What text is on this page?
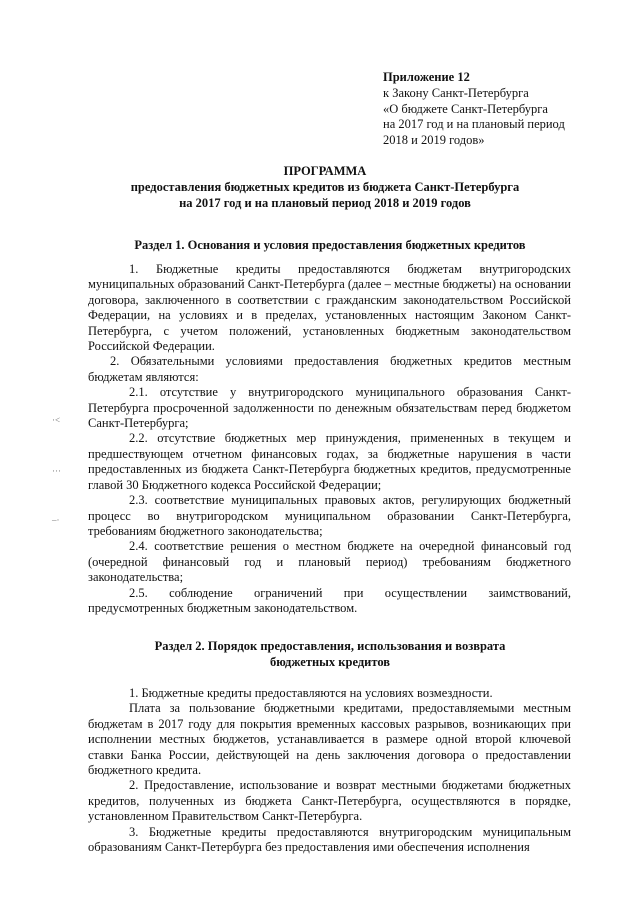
Приложение 12
к Закону Санкт-Петербурга
«О бюджете Санкт-Петербурга
на 2017 год и на плановый период
2018 и 2019 годов»
ПРОГРАММА
предоставления бюджетных кредитов из бюджета Санкт-Петербурга
на 2017 год и на плановый период 2018 и 2019 годов
Раздел 1. Основания и условия предоставления бюджетных кредитов

1. Бюджетные кредиты предоставляются бюджетам внутригородских муниципальных образований Санкт-Петербурга (далее – местные бюджеты) на основании договора, заключенного в соответствии с гражданским законодательством Российской Федерации, на условиях и в пределах, установленных настоящим Законом Санкт-Петербурга, с учетом положений, установленных бюджетным законодательством Российской Федерации.

2. Обязательными условиями предоставления бюджетных кредитов местным бюджетам являются:

2.1. отсутствие у внутригородского муниципального образования Санкт-Петербурга просроченной задолженности по денежным обязательствам перед бюджетом Санкт-Петербурга;

2.2. отсутствие бюджетных мер принуждения, примененных в текущем и предшествующем отчетном финансовых годах, за бюджетные нарушения в части предоставленных из бюджета Санкт-Петербурга бюджетных кредитов, предусмотренные главой 30 Бюджетного кодекса Российской Федерации;

2.3. соответствие муниципальных правовых актов, регулирующих бюджетный процесс во внутригородском муниципальном образовании Санкт-Петербурга, требованиям бюджетного законодательства;

2.4. соответствие решения о местном бюджете на очередной финансовый год (очередной финансовый год и плановый период) требованиям бюджетного законодательства;

2.5. соблюдение ограничений при осуществлении заимствований, предусмотренных бюджетным законодательством.

Раздел 2. Порядок предоставления, использования и возврата
бюджетных кредитов

1. Бюджетные кредиты предоставляются на условиях возмездности.

Плата за пользование бюджетными кредитами, предоставляемыми местным бюджетам в 2017 году для покрытия временных кассовых разрывов, возникающих при исполнении местных бюджетов, устанавливается в размере одной второй ключевой ставки Банка России, действующей на день заключения договора о предоставлении бюджетного кредита.

2. Предоставление, использование и возврат местными бюджетами бюджетных кредитов, полученных из бюджета Санкт-Петербурга, осуществляются в порядке, установленном Правительством Санкт-Петербурга.

3. Бюджетные кредиты предоставляются внутригородским муниципальным образованиям Санкт-Петербурга без предоставления ими обеспечения исполнения

·<
···
–·
